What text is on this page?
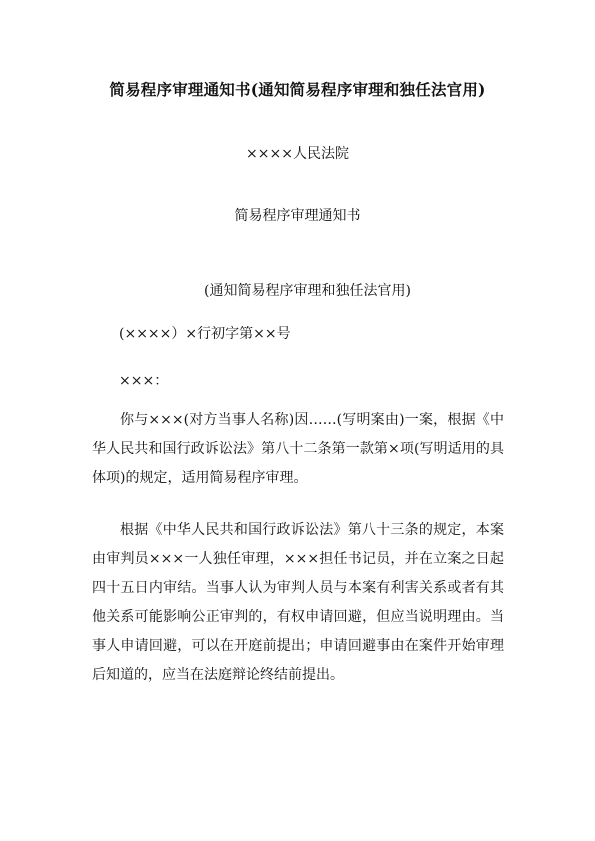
简易程序审理通知书(通知简易程序审理和独任法官用)
××××人民法院
简易程序审理通知书
(通知简易程序审理和独任法官用)
(××××）×行初字第××号
×××：

你与×××(对方当事人名称)因……(写明案由)一案，根据《中华人民共和国行政诉讼法》第八十二条第一款第×项(写明适用的具体项)的规定，适用简易程序审理。

根据《中华人民共和国行政诉讼法》第八十三条的规定，本案由审判员×××一人独任审理，×××担任书记员，并在立案之日起四十五日内审结。当事人认为审判人员与本案有利害关系或者有其他关系可能影响公正审判的，有权申请回避，但应当说明理由。当事人申请回避，可以在开庭前提出；申请回避事由在案件开始审理后知道的，应当在法庭辩论终结前提出。
